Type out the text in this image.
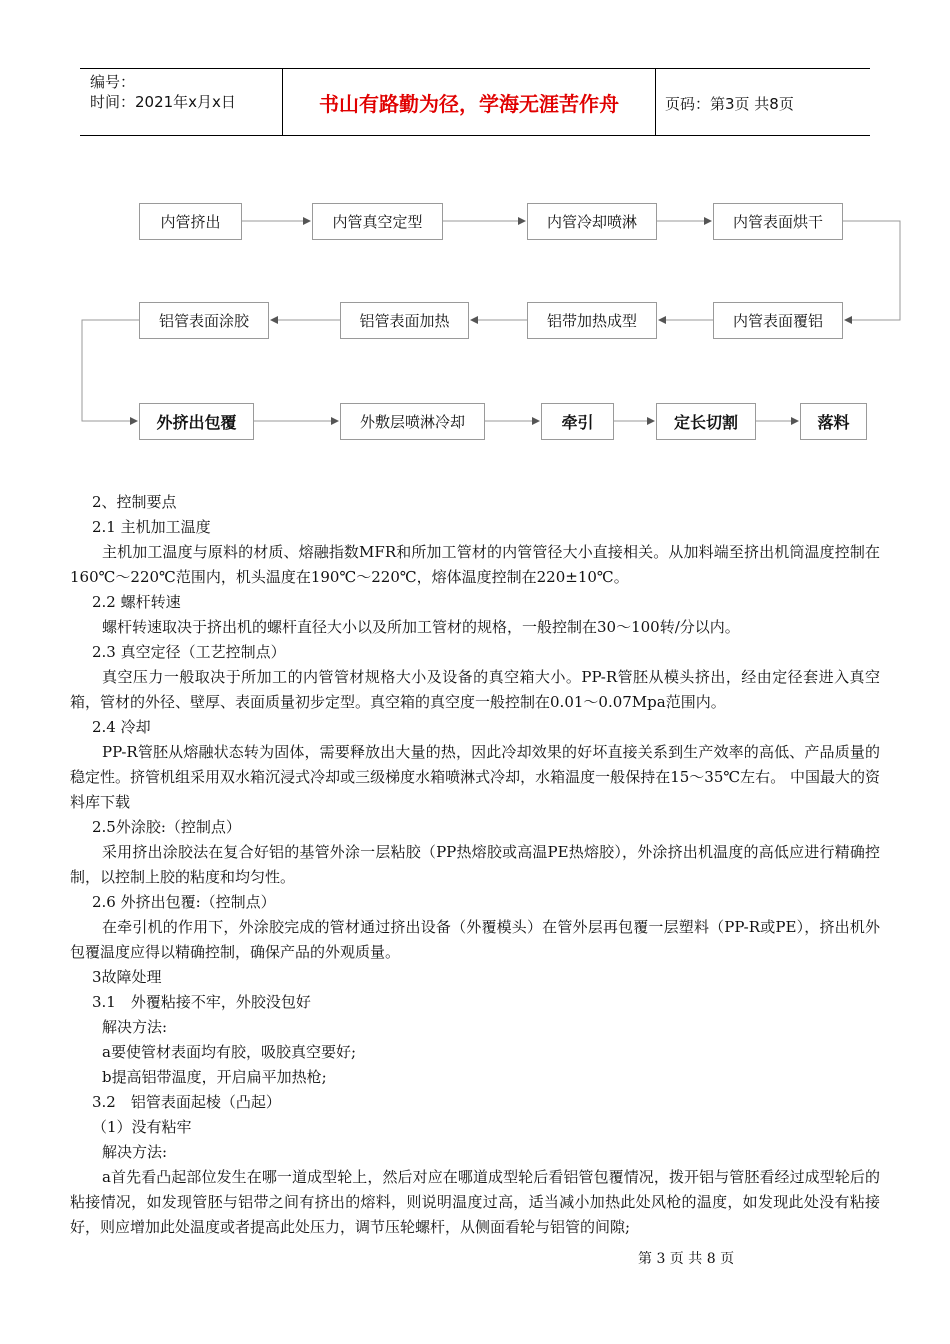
编号：
时间：2021年x月x日	书山有路勤为径，学海无涯苦作舟	页码：第3页 共8页
内管挤出	内管真空定型	内管冷却喷淋	内管表面烘干
铝管表面涂胶	铝管表面加热	铝带加热成型	内管表面覆铝
外挤出包覆	外敷层喷淋冷却	牵引	定长切割	落料

2、控制要点

2.1 主机加工温度

主机加工温度与原料的材质、熔融指数MFR和所加工管材的内管管径大小直接相关。从加料端至挤出机筒温度控制在160℃～220℃范围内，机头温度在190℃～220℃，熔体温度控制在220±10℃。

2.2 螺杆转速

螺杆转速取决于挤出机的螺杆直径大小以及所加工管材的规格，一般控制在30～100转/分以内。

2.3 真空定径（工艺控制点）

真空压力一般取决于所加工的内管管材规格大小及设备的真空箱大小。PP-R管胚从模头挤出，经由定径套进入真空箱，管材的外径、壁厚、表面质量初步定型。真空箱的真空度一般控制在0.01～0.07Mpa范围内。

2.4 冷却

PP-R管胚从熔融状态转为固体，需要释放出大量的热，因此冷却效果的好坏直接关系到生产效率的高低、产品质量的稳定性。挤管机组采用双水箱沉浸式冷却或三级梯度水箱喷淋式冷却，水箱温度一般保持在15～35℃左右。 中国最大的资料库下载

2.5外涂胶:（控制点）

采用挤出涂胶法在复合好铝的基管外涂一层粘胶（PP热熔胶或高温PE热熔胶），外涂挤出机温度的高低应进行精确控制，以控制上胶的粘度和均匀性。

2.6 外挤出包覆:（控制点）

在牵引机的作用下，外涂胶完成的管材通过挤出设备（外覆模头）在管外层再包覆一层塑料（PP-R或PE），挤出机外包覆温度应得以精确控制，确保产品的外观质量。

3故障处理

3.1　外覆粘接不牢，外胶没包好

解决方法:

a要使管材表面均有胶，吸胶真空要好;

b提高铝带温度，开启扁平加热枪;

3.2　铝管表面起棱（凸起）

（1）没有粘牢

解决方法:

a首先看凸起部位发生在哪一道成型轮上，然后对应在哪道成型轮后看铝管包覆情况，拨开铝与管胚看经过成型轮后的粘接情况，如发现管胚与铝带之间有挤出的熔料，则说明温度过高，适当减小加热此处风枪的温度，如发现此处没有粘接好，则应增加此处温度或者提高此处压力，调节压轮螺杆，从侧面看轮与铝管的间隙;

第 3 页 共 8 页
